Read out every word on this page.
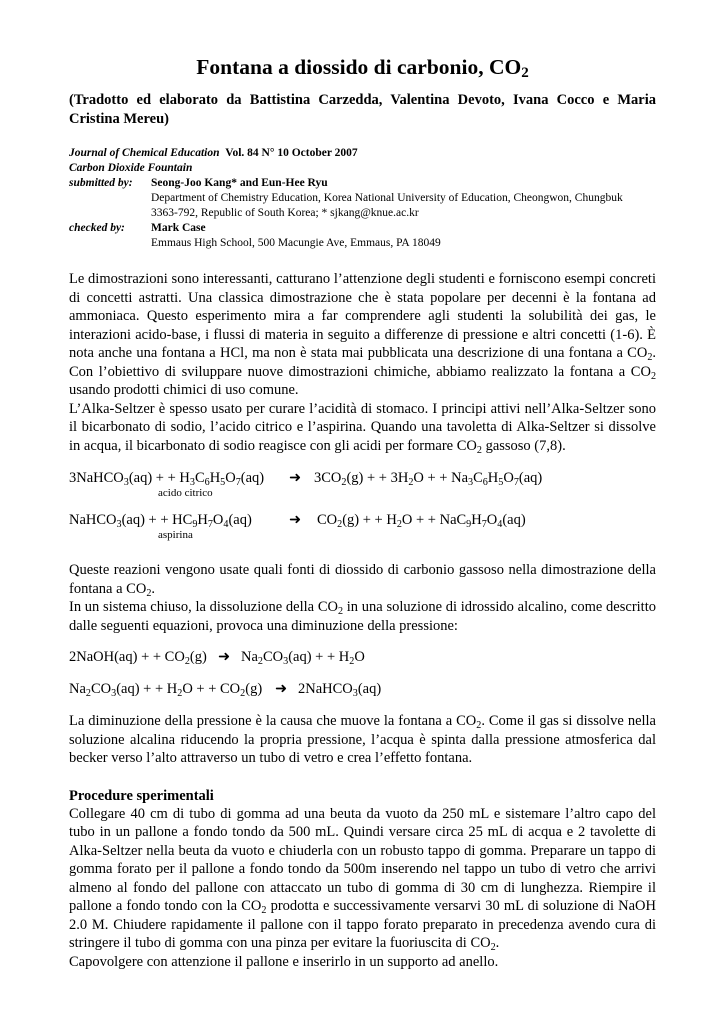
Fontana a diossido di carbonio, $CO_2$
(Tradotto ed elaborato da Battistina Carzedda, Valentina Devoto, Ivana Cocco e Maria Cristina Mereu)
Journal of Chemical Education
Vol. 84 N° 10 October 2007
Carbon Dioxide Fountain
submitted by:	Seong-Joo Kang* and Eun-Hee Ryu
Department of Chemistry Education, Korea National University of Education, Cheongwon, Chungbuk
3363-792, Republic of South Korea; * sjkang@knue.ac.kr
checked by:	Mark Case
Emmaus High School, 500 Macungie Ave, Emmaus, PA 18049
Le dimostrazioni sono interessanti, catturano l’attenzione degli studenti e forniscono esempi concreti di concetti astratti. Una classica dimostrazione che è stata popolare per decenni è la fontana ad ammoniaca. Questo esperimento mira a far comprendere agli studenti la solubilità dei gas, le interazioni acido-base, i flussi di materia in seguito a differenze di pressione e altri concetti (1-6). È nota anche una fontana a HCl, ma non è stata mai pubblicata una descrizione di una fontana a $CO_2$. Con l’obiettivo di sviluppare nuove dimostrazioni chimiche, abbiamo realizzato la fontana a $CO_2$ usando prodotti chimici di uso comune.
L’Alka-Seltzer è spesso usato per curare l’acidità di stomaco. I principi attivi nell’Alka-Seltzer sono il bicarbonato di sodio, l’acido citrico e l’aspirina. Quando una tavoletta di Alka-Seltzer si dissolve in acqua, il bicarbonato di sodio reagisce con gli acidi per formare $CO_2$ gassoso (7,8).
3NaHCO$_3$(aq) + + $H_3C_6H_5O_7(aq)$ ➜ $3CO_2(g)$ + + $3H_2O$ + + $Na_3C_6H_5O_7(aq)$
acido citrico
NaHCO$_3$(aq) + + $HC_9H_7O_4(aq)$	➜ $CO_2(g)$ + + $H_2O$ + + $NaC_9H_7O_4(aq)$
aspirina
Queste reazioni vengono usate quali fonti di diossido di carbonio gassoso nella dimostrazione della fontana a $CO_2$.
In un sistema chiuso, la dissoluzione della $CO_2$ in una soluzione di idrossido alcalino, come descritto dalle seguenti equazioni, provoca una diminuzione della pressione:
2NaOH(aq) + + $CO_2(g)$ ➜ $Na_2CO_3(aq)$ + + $H_2O$
$Na_2CO_3(aq)$ + + $H_2O$ + + $CO_2(g)$ ➜ 2NaHCO$_3$(aq)
La diminuzione della pressione è la causa che muove la fontana a $CO_2$. Come il gas si dissolve nella soluzione alcalina riducendo la propria pressione, l’acqua è spinta dalla pressione atmosferica dal becker verso l’alto attraverso un tubo di vetro e crea l’effetto fontana.
Procedure sperimentali
Collegare 40 cm di tubo di gomma ad una beuta da vuoto da 250 mL e sistemare l’altro capo del tubo in un pallone a fondo tondo da 500 mL. Quindi versare circa 25 mL di acqua e 2 tavolette di Alka-Seltzer nella beuta da vuoto e chiuderla con un robusto tappo di gomma. Preparare un tappo di gomma forato per il pallone a fondo tondo da 500m inserendo nel tappo un tubo di vetro che arrivi almeno al fondo del pallone con attaccato un tubo di gomma di 30 cm di lunghezza. Riempire il pallone a fondo tondo con la $CO_2$ prodotta e successivamente versarvi 30 mL di soluzione di NaOH 2.0 M. Chiudere rapidamente il pallone con il tappo forato preparato in precedenza avendo cura di stringere il tubo di gomma con una pinza per evitare la fuoriuscita di $CO_2$.
Capovolgere con attenzione il pallone e inserirlo in un supporto ad anello.
